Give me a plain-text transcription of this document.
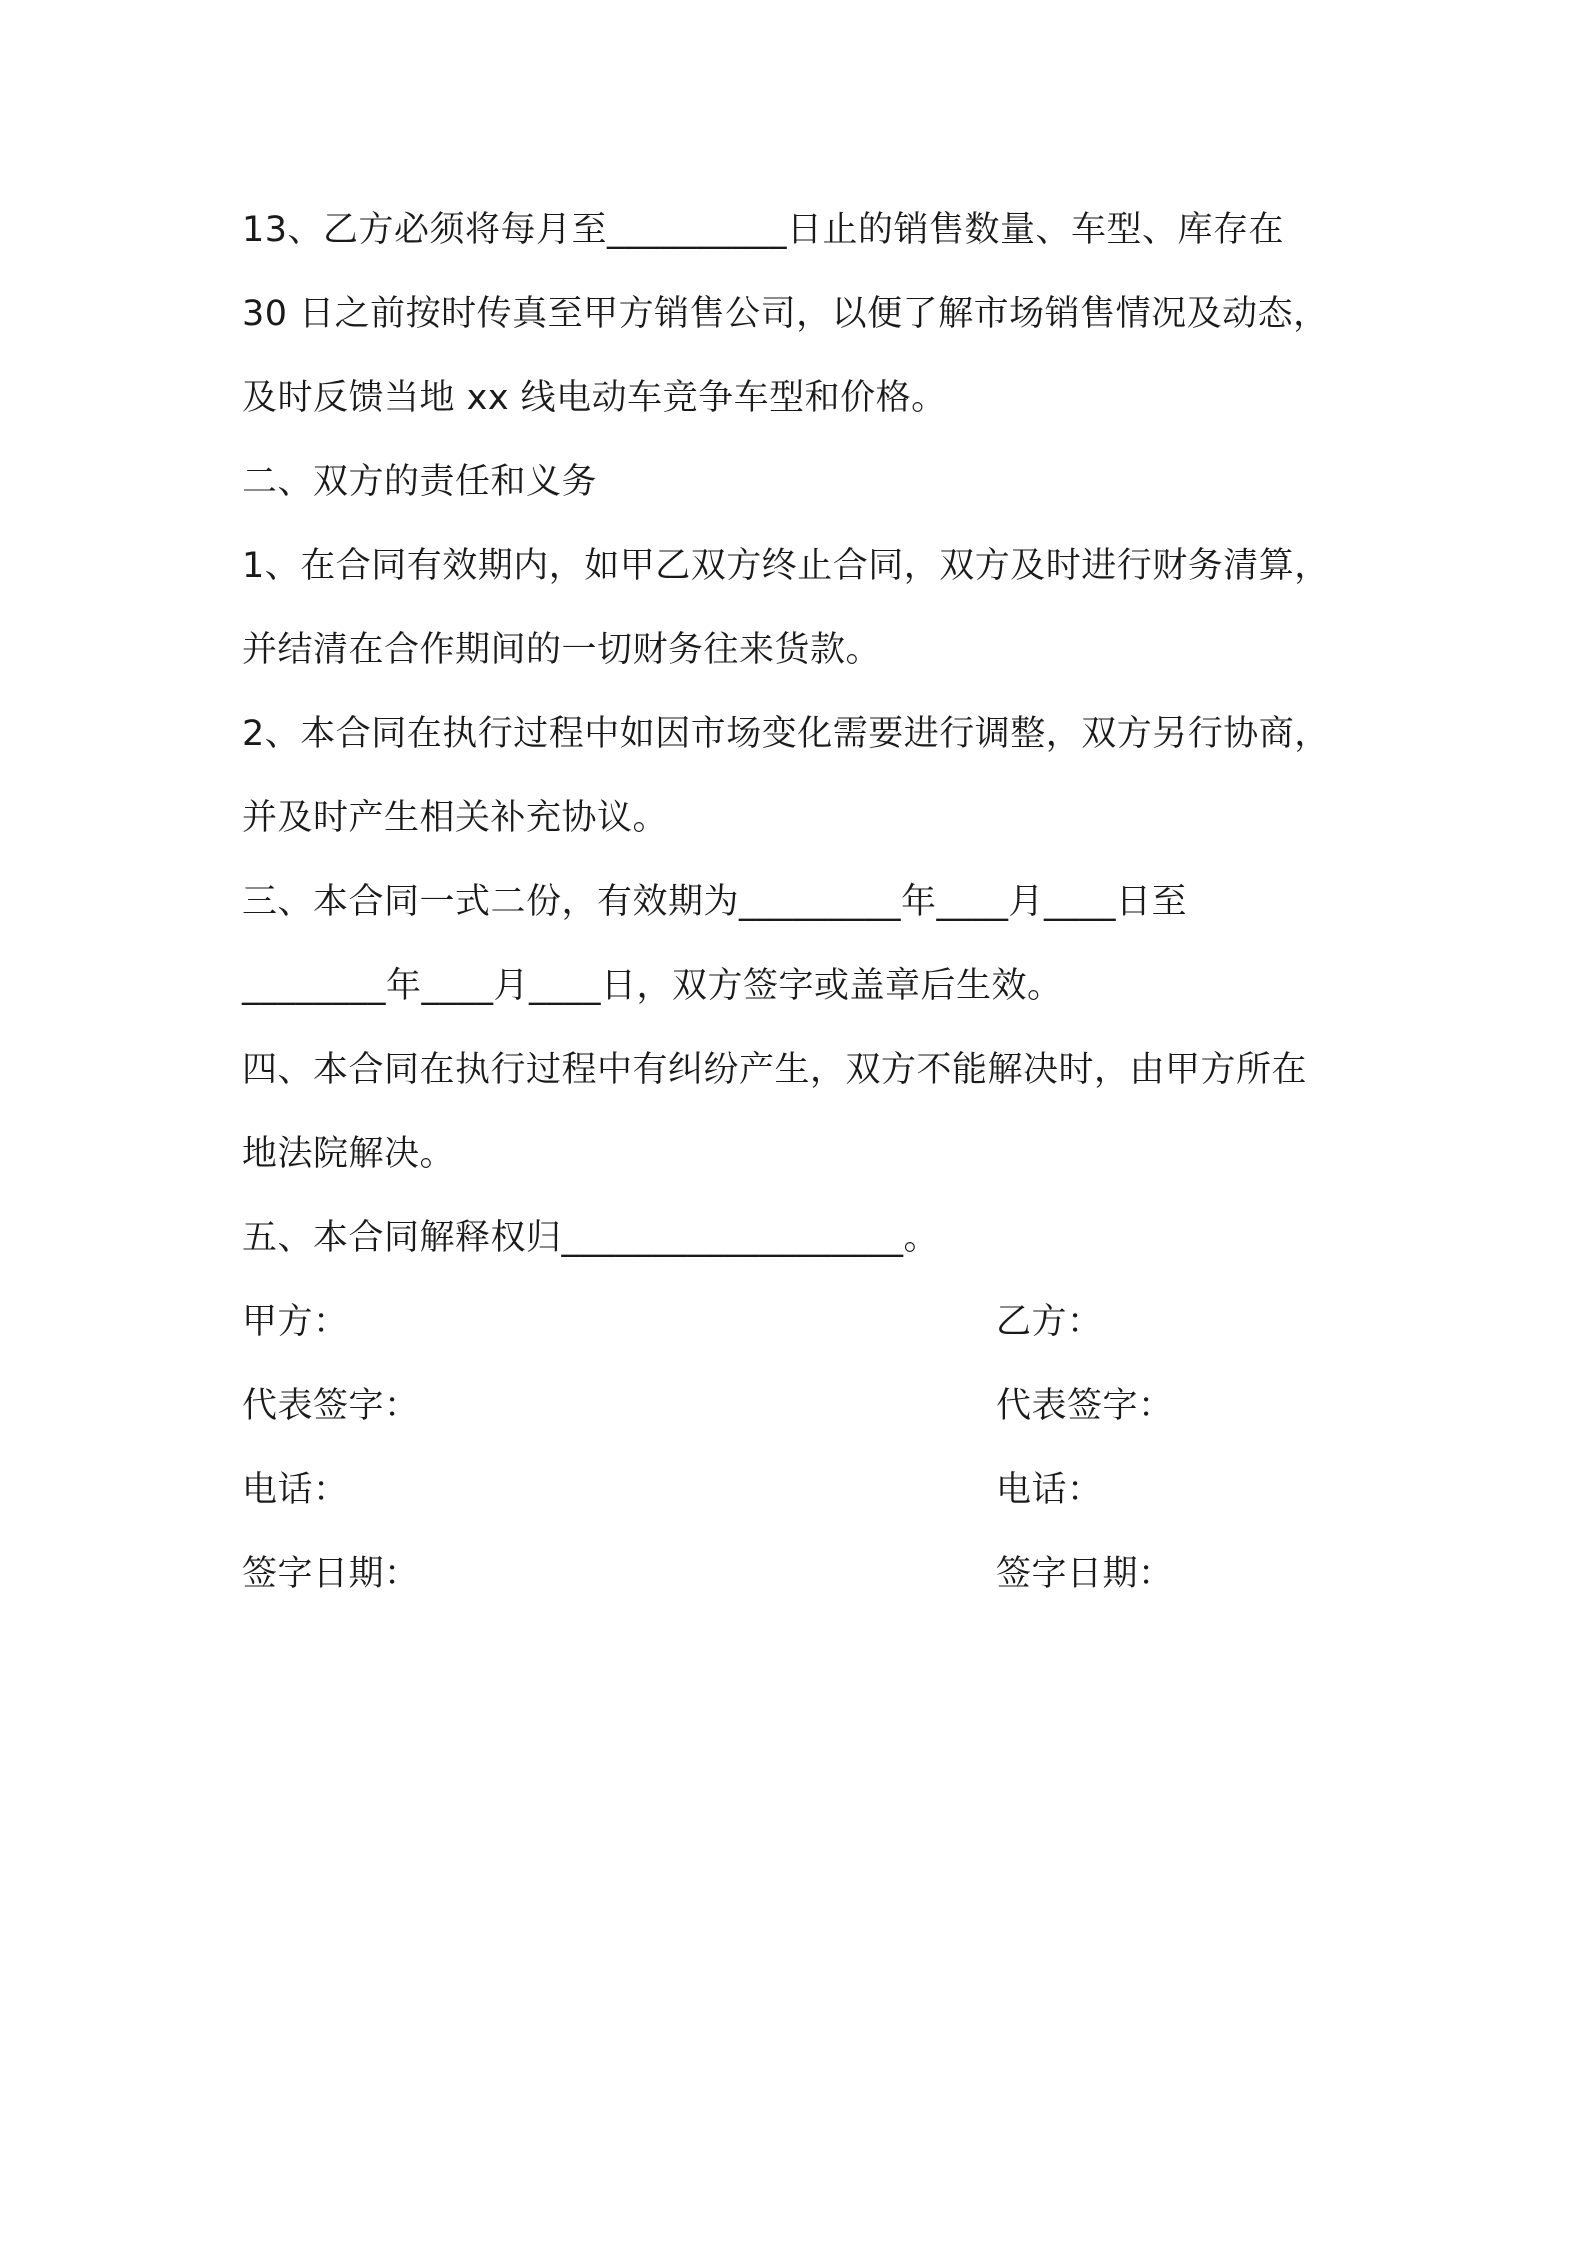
13、乙方必须将每月至__________日止的销售数量、车型、库存在
30 日之前按时传真至甲方销售公司，以便了解市场销售情况及动态，
及时反馈当地 xx 线电动车竞争车型和价格。
二、双方的责任和义务
1、在合同有效期内，如甲乙双方终止合同，双方及时进行财务清算，
并结清在合作期间的一切财务往来货款。
2、本合同在执行过程中如因市场变化需要进行调整，双方另行协商，
并及时产生相关补充协议。
三、本合同一式二份，有效期为_________年____月____日至
________年____月____日，双方签字或盖章后生效。
四、本合同在执行过程中有纠纷产生，双方不能解决时，由甲方所在
地法院解决。
五、本合同解释权归___________________。
甲方：	乙方：
代表签字：	代表签字：
电话：	电话：
签字日期：	签字日期：
